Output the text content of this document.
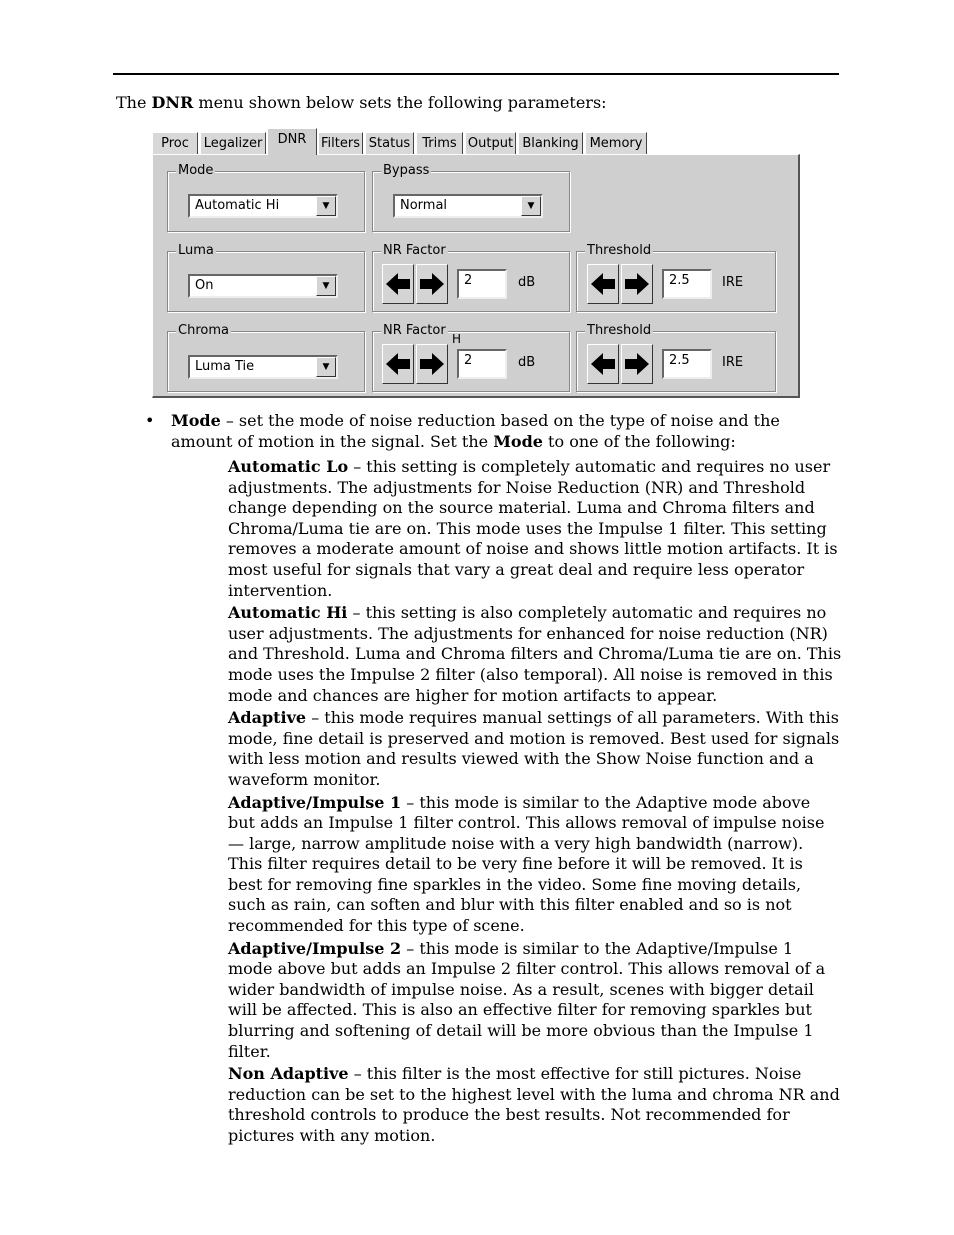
The DNR menu shown below sets the following parameters:
Proc	Legalizer	DNR	Filters Status Trims Output Blanking Memory
Mode
Automatic Hi	▼
Bypass
Normal	▼
Luma
On	▼
NR Factor
2	dB
Threshold
2.5	IRE
Chroma
Luma Tie	▼
NR Factor
H
2	dB
Threshold
2.5	IRE
• Mode – set the mode of noise reduction based on the type of noise and the amount of motion in the signal. Set the Mode to one of the following:
Automatic Lo – this setting is completely automatic and requires no user adjustments. The adjustments for Noise Reduction (NR) and Threshold change depending on the source material. Luma and Chroma filters and Chroma/Luma tie are on. This mode uses the Impulse 1 filter. This setting removes a moderate amount of noise and shows little motion artifacts. It is most useful for signals that vary a great deal and require less operator intervention.
Automatic Hi – this setting is also completely automatic and requires no user adjustments. The adjustments for enhanced for noise reduction (NR) and Threshold. Luma and Chroma filters and Chroma/Luma tie are on. This mode uses the Impulse 2 filter (also temporal). All noise is removed in this mode and chances are higher for motion artifacts to appear.
Adaptive – this mode requires manual settings of all parameters. With this mode, fine detail is preserved and motion is removed. Best used for signals with less motion and results viewed with the Show Noise function and a waveform monitor.
Adaptive/Impulse 1 – this mode is similar to the Adaptive mode above but adds an Impulse 1 filter control. This allows removal of impulse noise — large, narrow amplitude noise with a very high bandwidth (narrow). This filter requires detail to be very fine before it will be removed. It is best for removing fine sparkles in the video. Some fine moving details, such as rain, can soften and blur with this filter enabled and so is not recommended for this type of scene.
Adaptive/Impulse 2 – this mode is similar to the Adaptive/Impulse 1 mode above but adds an Impulse 2 filter control. This allows removal of a wider bandwidth of impulse noise. As a result, scenes with bigger detail will be affected. This is also an effective filter for removing sparkles but blurring and softening of detail will be more obvious than the Impulse 1 filter.
Non Adaptive – this filter is the most effective for still pictures. Noise reduction can be set to the highest level with the luma and chroma NR and threshold controls to produce the best results. Not recommended for pictures with any motion.
